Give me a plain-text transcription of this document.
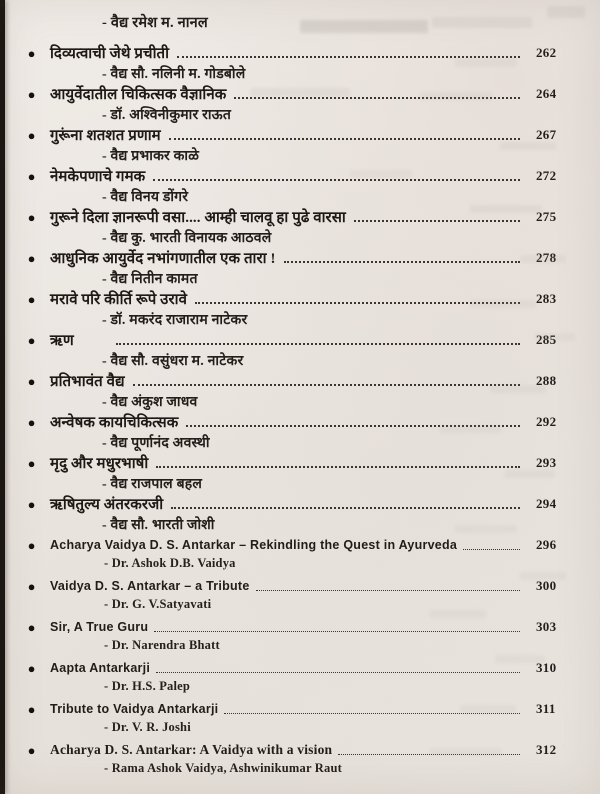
- वैद्य रमेश म. नानल
● दिव्यत्वाची जेथे प्रचीती	262
- वैद्य सौ. नलिनी म. गोडबोले
● आयुर्वेदातील चिकित्सक वैज्ञानिक	264
- डॉ. अश्विनीकुमार राऊत
● गुरूंना शतशत प्रणाम	267
- वैद्य प्रभाकर काळे
● नेमकेपणाचे गमक	272
- वैद्य विनय डोंगरे
● गुरूने दिला ज्ञानरूपी वसा.... आम्ही चालवू हा पुढे वारसा	275
- वैद्य कु. भारती विनायक आठवले
● आधुनिक आयुर्वेद नभांगणातील एक तारा !	278
- वैद्य नितीन कामत
● मरावे परि कीर्ति रूपे उरावे	283
- डॉ. मकरंद राजाराम नाटेकर
● ऋण	285
- वैद्य सौ. वसुंधरा म. नाटेकर
● प्रतिभावंत वैद्य	288
- वैद्य अंकुश जाधव
● अन्वेषक कायचिकित्सक	292
- वैद्य पूर्णानंद अवस्थी
● मृदु और मधुरभाषी	293
- वैद्य राजपाल बहल
● ऋषितुल्य अंतरकरजी	294
- वैद्य सौ. भारती जोशी
● Acharya Vaidya D. S. Antarkar – Rekindling the Quest in Ayurveda	296
- Dr. Ashok D.B. Vaidya
● Vaidya D. S. Antarkar – a Tribute	300
- Dr. G. V.Satyavati
● Sir, A True Guru	303
- Dr. Narendra Bhatt
● Aapta Antarkarji	310
- Dr. H.S. Palep
● Tribute to Vaidya Antarkarji	311
- Dr. V. R. Joshi
● Acharya D. S. Antarkar: A Vaidya with a vision	312
- Rama Ashok Vaidya, Ashwinikumar Raut
